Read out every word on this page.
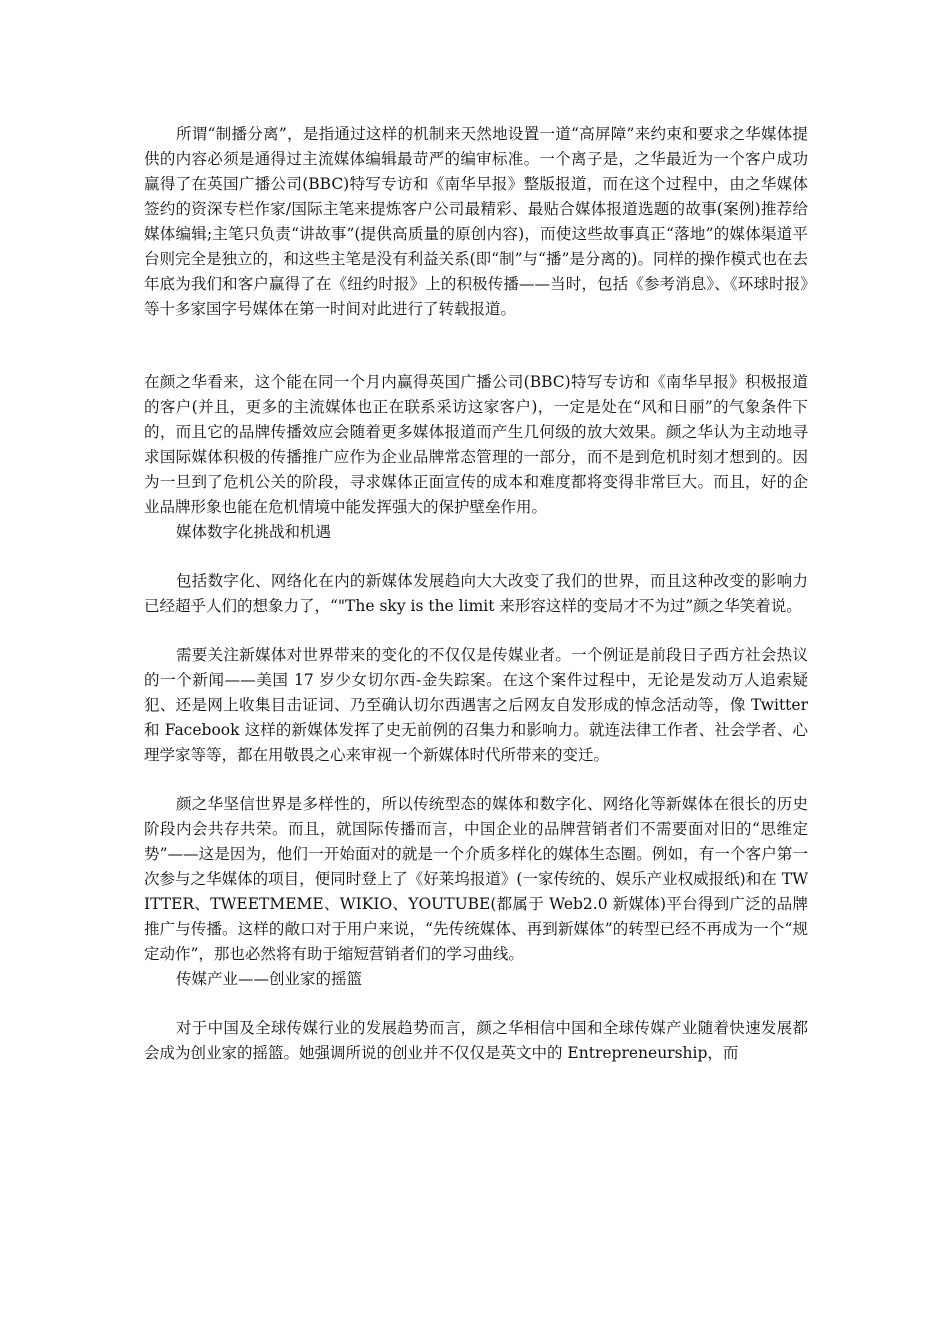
所谓“制播分离”，是指通过这样的机制来天然地设置一道“高屏障”来约束和要求之华媒体提供的内容必须是通得过主流媒体编辑最苛严的编审标准。一个离子是，之华最近为一个客户成功赢得了在英国广播公司(BBC)特写专访和《南华早报》整版报道，而在这个过程中，由之华媒体签约的资深专栏作家/国际主笔来提炼客户公司最精彩、最贴合媒体报道选题的故事(案例)推荐给媒体编辑;主笔只负责“讲故事”(提供高质量的原创内容)，而使这些故事真正“落地”的媒体渠道平台则完全是独立的，和这些主笔是没有利益关系(即“制”与“播”是分离的)。同样的操作模式也在去年底为我们和客户赢得了在《纽约时报》上的积极传播——当时，包括《参考消息》、《环球时报》等十多家国字号媒体在第一时间对此进行了转载报道。

在颜之华看来，这个能在同一个月内赢得英国广播公司(BBC)特写专访和《南华早报》积极报道的客户(并且，更多的主流媒体也正在联系采访这家客户)，一定是处在“风和日丽”的气象条件下的，而且它的品牌传播效应会随着更多媒体报道而产生几何级的放大效果。颜之华认为主动地寻求国际媒体积极的传播推广应作为企业品牌常态管理的一部分，而不是到危机时刻才想到的。因为一旦到了危机公关的阶段，寻求媒体正面宣传的成本和难度都将变得非常巨大。而且，好的企业品牌形象也能在危机情境中能发挥强大的保护壁垒作用。

媒体数字化挑战和机遇

包括数字化、网络化在内的新媒体发展趋向大大改变了我们的世界，而且这种改变的影响力已经超乎人们的想象力了，“"The sky is the limit 来形容这样的变局才不为过”颜之华笑着说。

需要关注新媒体对世界带来的变化的不仅仅是传媒业者。一个例证是前段日子西方社会热议的一个新闻——美国 17 岁少女切尔西-金失踪案。在这个案件过程中，无论是发动万人追索疑犯、还是网上收集目击证词、乃至确认切尔西遇害之后网友自发形成的悼念活动等，像 Twitter 和 Facebook 这样的新媒体发挥了史无前例的召集力和影响力。就连法律工作者、社会学者、心理学家等等，都在用敬畏之心来审视一个新媒体时代所带来的变迁。

颜之华坚信世界是多样性的，所以传统型态的媒体和数字化、网络化等新媒体在很长的历史阶段内会共存共荣。而且，就国际传播而言，中国企业的品牌营销者们不需要面对旧的“思维定势”——这是因为，他们一开始面对的就是一个介质多样化的媒体生态圈。例如，有一个客户第一次参与之华媒体的项目，便同时登上了《好莱坞报道》(一家传统的、娱乐产业权威报纸)和在 TWITTER、TWEETMEME、WIKIO、YOUTUBE(都属于 Web2.0 新媒体)平台得到广泛的品牌推广与传播。这样的敞口对于用户来说，“先传统媒体、再到新媒体”的转型已经不再成为一个“规定动作”，那也必然将有助于缩短营销者们的学习曲线。

传媒产业——创业家的摇篮

对于中国及全球传媒行业的发展趋势而言，颜之华相信中国和全球传媒产业随着快速发展都会成为创业家的摇篮。她强调所说的创业并不仅仅是英文中的 Entrepreneurship，而
